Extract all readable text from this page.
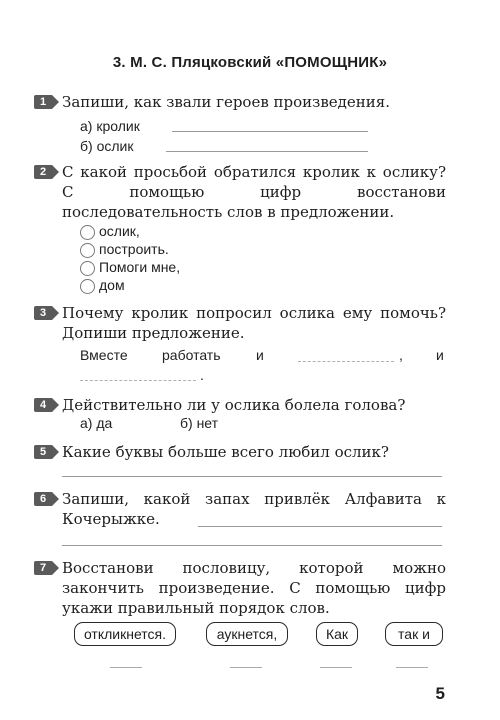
3. М. С. Пляцковский «ПОМОЩНИК»
1	Запиши, как звали героев произведения.
а) кролик
б) ослик
2	С какой просьбой обратился кролик к ослику? С помощью цифр восстанови последовательность слов в предложении.
ослик,
построить.
Помоги мне,
дом
3	Почему кролик попросил ослика ему помочь? Допиши предложение.
Вместе работать	и	, и
.
4	Действительно ли у ослика болела голова?
а) да	б) нет
5	Какие буквы больше всего любил ослик?
6	Запиши, какой запах привлёк Алфавита к Кочерыжке.
7	Восстанови пословицу, которой можно закончить произведение. С помощью цифр укажи правильный порядок слов.
откликнется.	аукнется,	Как	так и
5
